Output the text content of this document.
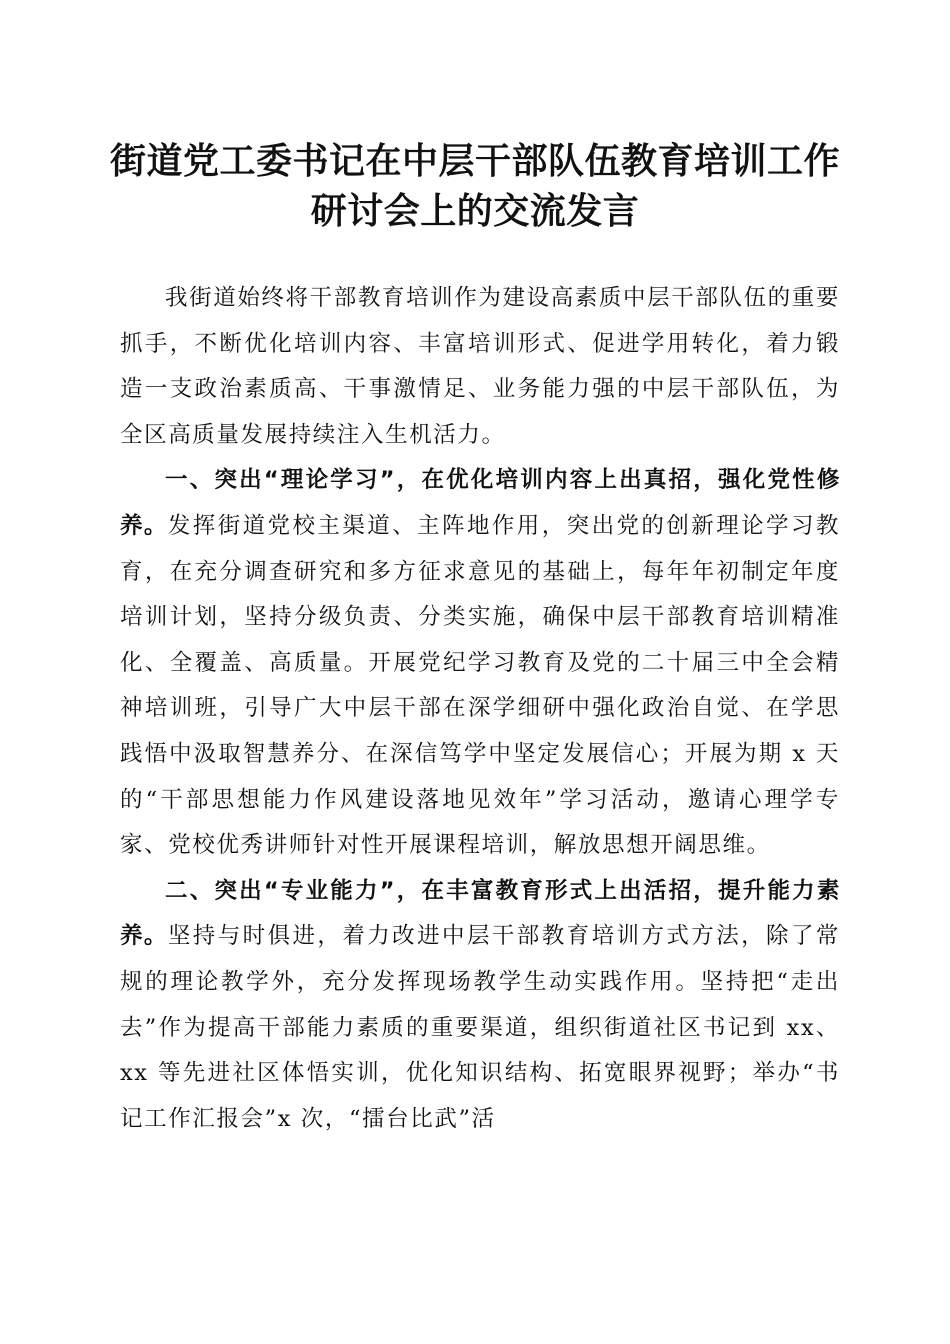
街道党工委书记在中层干部队伍教育培训工作
研讨会上的交流发言

我街道始终将干部教育培训作为建设高素质中层干部队伍的重要抓手，不断优化培训内容、丰富培训形式、促进学用转化，着力锻造一支政治素质高、干事激情足、业务能力强的中层干部队伍，为全区高质量发展持续注入生机活力。

一、突出“理论学习”，在优化培训内容上出真招，强化党性修养。发挥街道党校主渠道、主阵地作用，突出党的创新理论学习教育，在充分调查研究和多方征求意见的基础上，每年年初制定年度培训计划，坚持分级负责、分类实施，确保中层干部教育培训精准化、全覆盖、高质量。开展党纪学习教育及党的二十届三中全会精神培训班，引导广大中层干部在深学细研中强化政治自觉、在学思践悟中汲取智慧养分、在深信笃学中坚定发展信心；开展为期 x 天的“干部思想能力作风建设落地见效年”学习活动，邀请心理学专家、党校优秀讲师针对性开展课程培训，解放思想开阔思维。

二、突出“专业能力”，在丰富教育形式上出活招，提升能力素养。坚持与时俱进，着力改进中层干部教育培训方式方法，除了常规的理论教学外，充分发挥现场教学生动实践作用。坚持把“走出去”作为提高干部能力素质的重要渠道，组织街道社区书记到 xx、xx 等先进社区体悟实训，优化知识结构、拓宽眼界视野；举办“书记工作汇报会”x 次，“擂台比武”活
